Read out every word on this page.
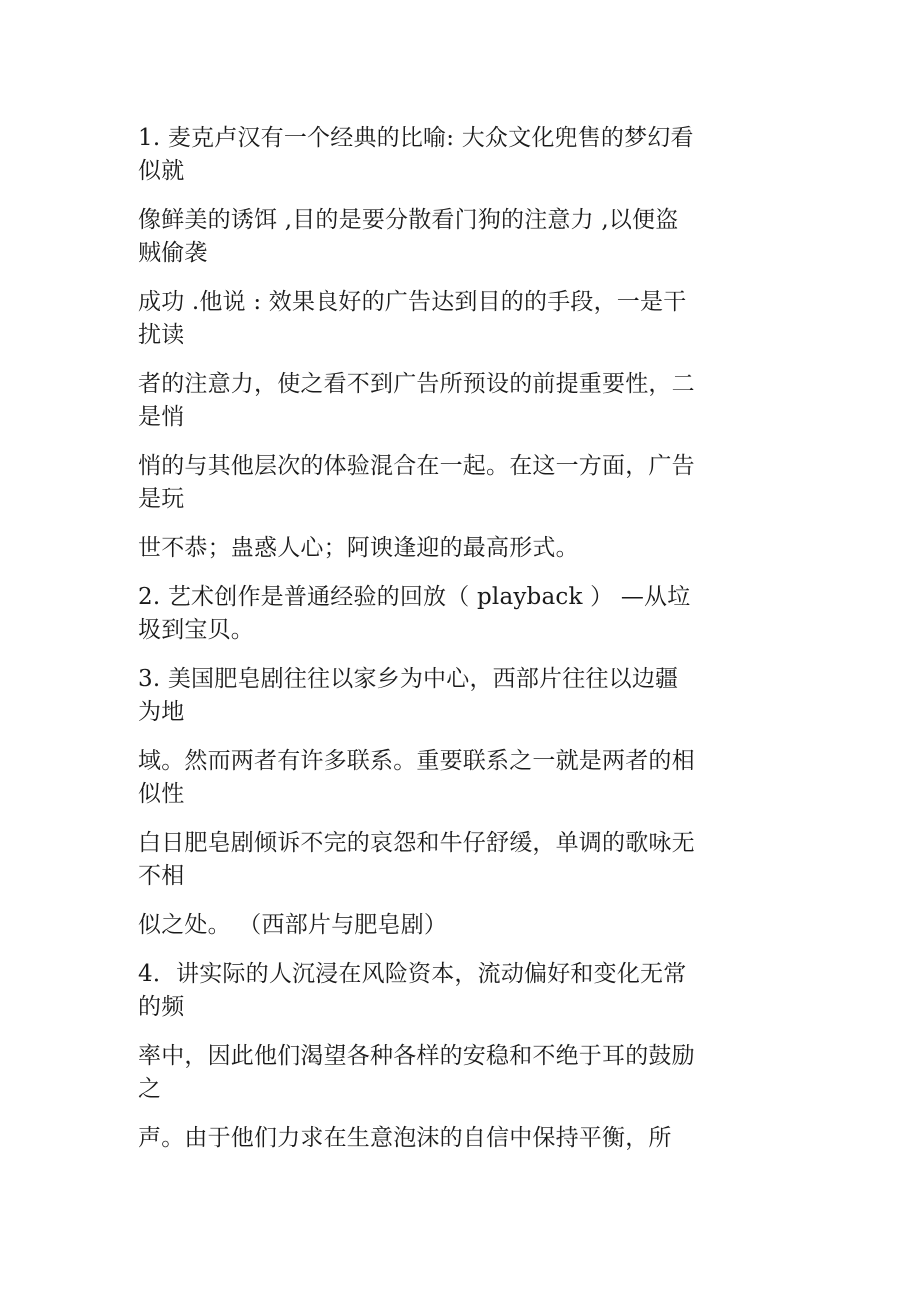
1. 麦克卢汉有一个经典的比喻: 大众文化兜售的梦幻看似就

像鲜美的诱饵 ,目的是要分散看门狗的注意力 ,以便盗贼偷袭

成功 .他说 : 效果良好的广告达到目的的手段，一是干扰读

者的注意力，使之看不到广告所预设的前提重要性，二是悄

悄的与其他层次的体验混合在一起。在这一方面，广告是玩

世不恭；蛊惑人心；阿谀逢迎的最高形式。

2. 艺术创作是普通经验的回放（ playback ） —从垃圾到宝贝。

3. 美国肥皂剧往往以家乡为中心，西部片往往以边疆为地

域。然而两者有许多联系。重要联系之一就是两者的相似性

白日肥皂剧倾诉不完的哀怨和牛仔舒缓，单调的歌咏无不相

似之处。 （西部片与肥皂剧）

4．讲实际的人沉浸在风险资本，流动偏好和变化无常的频

率中，因此他们渴望各种各样的安稳和不绝于耳的鼓励之

声。由于他们力求在生意泡沫的自信中保持平衡，所
